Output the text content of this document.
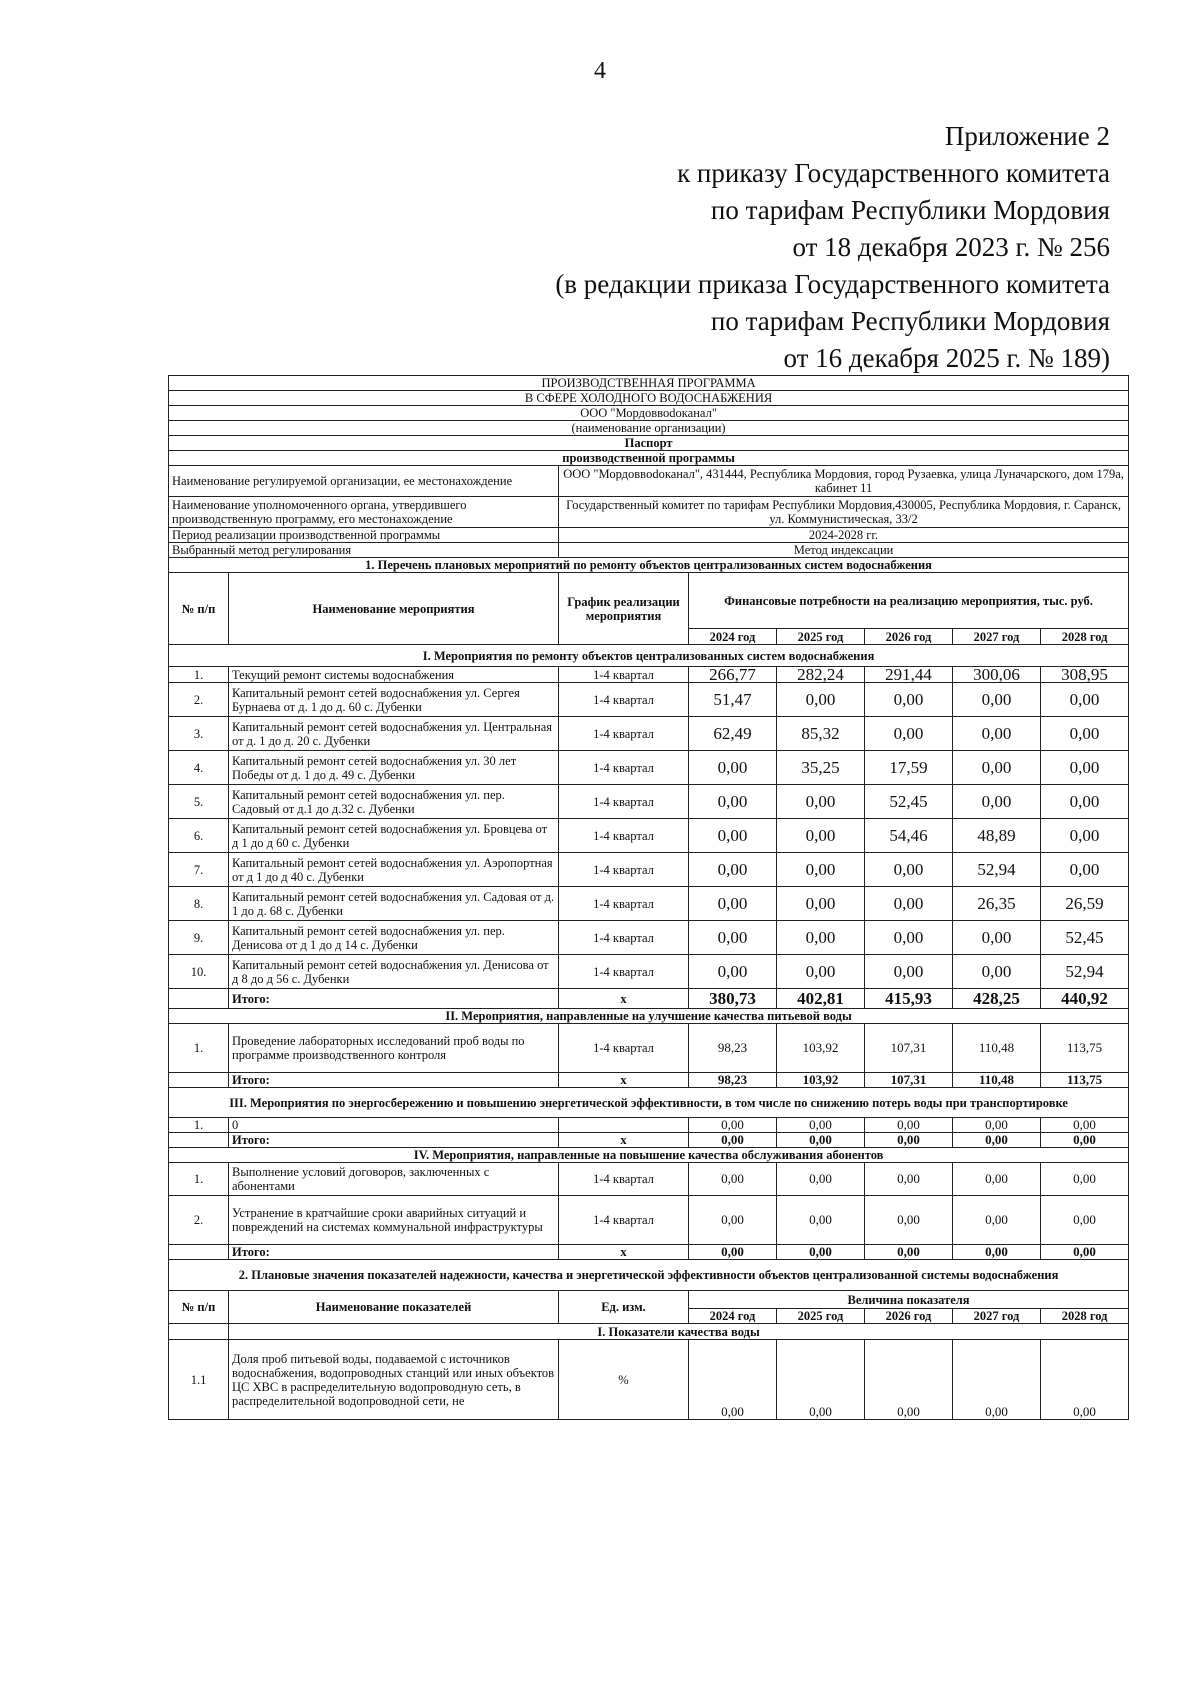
4
Приложение 2
к приказу Государственного комитета
по тарифам Республики Мордовия
от 18 декабря 2023 г. № 256
(в редакции приказа Государственного комитета
по тарифам Республики Мордовия
от 16 декабря 2025 г. № 189)
ПРОИЗВОДСТВЕННАЯ ПРОГРАММА							
В СФЕРЕ ХОЛОДНОГО ВОДОСНАБЖЕНИЯ							
ООО "Мордоввodоканал"							
(наименование организации)							
Паспорт							
производственной программы							
Наименование регулируемой организации, ее местонахождение		ООО "Мордоввodоканал", 431444, Республика Мордовия, город Рузаевка, улица Луначарского, дом 179а, кабинет 11					
Наименование уполномоченного органа, утвердившего производственную программу, его местонахождение		Государственный комитет по тарифам Республики Мордовия,430005, Республика Мордовия, г. Саранск, ул. Коммунистическая, 33/2					
Период реализации производственной программы		2024-2028 гг.					
Выбранный метод регулирования		Метод индексации					
1. Перечень плановых мероприятий по ремонту объектов централизованных систем водоснабжения							
№ п/п	Наименование мероприятия	График реализации мероприятия	Финансовые потребности на реализацию мероприятия, тыс. руб.				
			2024 год	2025 год	2026 год	2027 год	2028 год
I. Мероприятия по ремонту объектов централизованных систем водоснабжения							
1.	Текущий ремонт системы водоснабжения	1-4 квартал	266,77	282,24	291,44	300,06	308,95
2.	Капитальный ремонт сетей водоснабжения ул. Сергея Бурнаева от д. 1 до д. 60 с. Дубенки	1-4 квартал	51,47	0,00	0,00	0,00	0,00
3.	Капитальный ремонт сетей водоснабжения ул. Центральная от д. 1 до д. 20 с. Дубенки	1-4 квартал	62,49	85,32	0,00	0,00	0,00
4.	Капитальный ремонт сетей водоснабжения ул. 30 лет Победы от д. 1 до д. 49 с. Дубенки	1-4 квартал	0,00	35,25	17,59	0,00	0,00
5.	Капитальный ремонт сетей водоснабжения ул. пер. Садовый от д.1 до д.32 с. Дубенки	1-4 квартал	0,00	0,00	52,45	0,00	0,00
6.	Капитальный ремонт сетей водоснабжения ул. Бровцева от д 1 до д 60 с. Дубенки	1-4 квартал	0,00	0,00	54,46	48,89	0,00
7.	Капитальный ремонт сетей водоснабжения ул. Аэропортная от д 1 до д 40 с. Дубенки	1-4 квартал	0,00	0,00	0,00	52,94	0,00
8.	Капитальный ремонт сетей водоснабжения ул. Садовая от д. 1 до д. 68 с. Дубенки	1-4 квартал	0,00	0,00	0,00	26,35	26,59
9.	Капитальный ремонт сетей водоснабжения ул. пер. Денисова от д 1 до д 14 с. Дубенки	1-4 квартал	0,00	0,00	0,00	0,00	52,45
10.	Капитальный ремонт сетей водоснабжения ул. Денисова от д 8 до д 56 с. Дубенки	1-4 квартал	0,00	0,00	0,00	0,00	52,94
	Итого:	х	380,73	402,81	415,93	428,25	440,92
II. Мероприятия, направленные на улучшение качества питьевой воды							
1.	Проведение лабораторных исследований проб воды по программе производственного контроля	1-4 квартал	98,23	103,92	107,31	110,48	113,75
	Итого:	х	98,23	103,92	107,31	110,48	113,75
III. Мероприятия по энергосбережению и повышению энергетической эффективности, в том числе по снижению потерь воды при транспортировке							
1.	0		0,00	0,00	0,00	0,00	0,00
	Итого:	х	0,00	0,00	0,00	0,00	0,00
IV. Мероприятия, направленные на повышение качества обслуживания абонентов							
1.	Выполнение условий договоров, заключенных с абонентами	1-4 квартал	0,00	0,00	0,00	0,00	0,00
2.	Устранение в кратчайшие сроки аварийных ситуаций и повреждений на системах коммунальной инфраструктуры	1-4 квартал	0,00	0,00	0,00	0,00	0,00
	Итого:	х	0,00	0,00	0,00	0,00	0,00
2. Плановые значения показателей надежности, качества и энергетической эффективности объектов централизованной системы водоснабжения							
№ п/п	Наименование показателей	Ед. изм.	Величина показателя				
			2024 год	2025 год	2026 год	2027 год	2028 год
	I. Показатели качества воды						
1.1	Доля проб питьевой воды, подаваемой с источников водоснабжения, водопроводных станций или иных объектов ЦС ХВС в распределительную водопроводную сеть, в распределительной водопроводной сети, не	%	0,00	0,00	0,00	0,00	0,00
